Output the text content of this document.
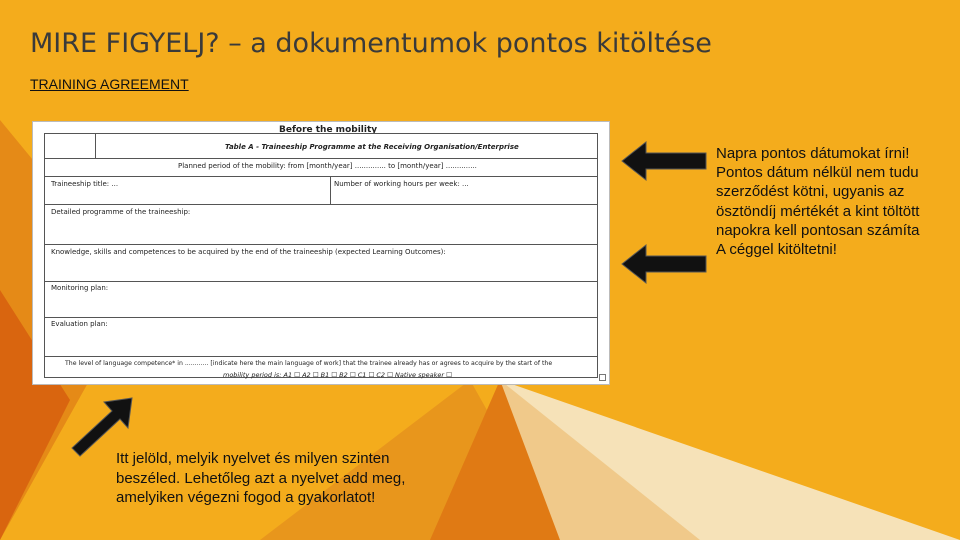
MIRE FIGYELJ? – a dokumentumok pontos kitöltése
TRAINING AGREEMENT
Before the mobility
Table A - Traineeship Programme at the Receiving Organisation/Enterprise
Planned period of the mobility: from [month/year] .............. to [month/year] ..............
Traineeship title: ...	Number of working hours per week: ...
Detailed programme of the traineeship:
Knowledge, skills and competences to be acquired by the end of the traineeship (expected Learning Outcomes):
Monitoring plan:
Evaluation plan:
The level of language competence* in ............ [indicate here the main language of work] that the trainee already has or agrees to acquire by the start of the
mobility period is: A1 ☐ A2 ☐ B1 ☐ B2 ☐ C1 ☐ C2 ☐ Native speaker ☐
Napra pontos dátumokat írni!
Pontos dátum nélkül nem tudu
szerződést kötni, ugyanis az
ösztöndíj mértékét a kint töltött
napokra kell pontosan számíta
A céggel kitöltetni!
Itt jelöld, melyik nyelvet és milyen szinten
beszéled. Lehetőleg azt a nyelvet add meg,
amelyiken végezni fogod a gyakorlatot!
